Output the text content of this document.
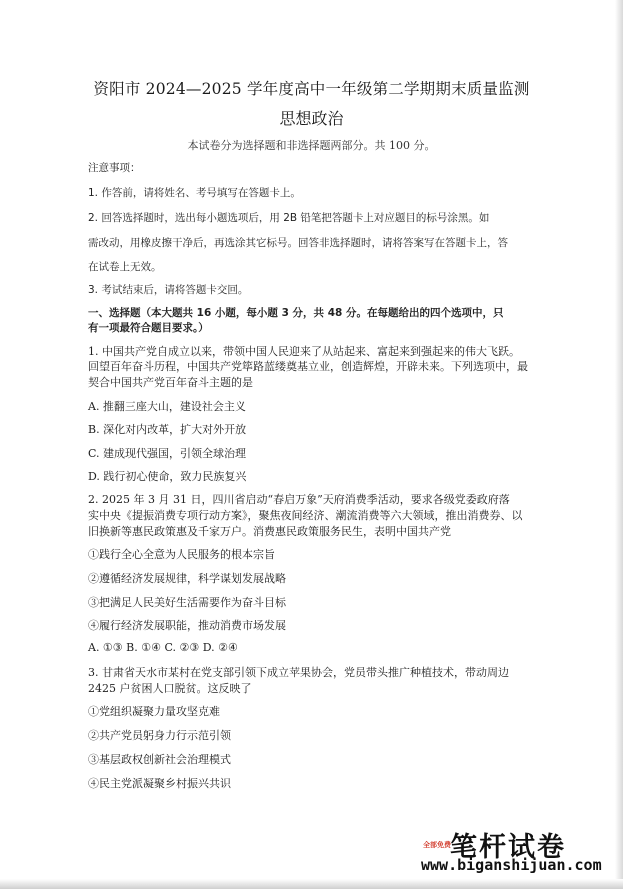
资阳市 2024—2025 学年度高中一年级第二学期期末质量监测
思想政治
本试卷分为选择题和非选择题两部分。共 100 分。
注意事项：
1. 作答前，请将姓名、考号填写在答题卡上。
2. 回答选择题时，选出每小题选项后，用 2B 铅笔把答题卡上对应题目的标号涂黑。如
需改动，用橡皮擦干净后，再选涂其它标号。回答非选择题时，请将答案写在答题卡上，答
在试卷上无效。
3. 考试结束后，请将答题卡交回。
一、选择题（本大题共 16 小题，每小题 3 分，共 48 分。在每题给出的四个选项中，只
有一项最符合题目要求。）
1. 中国共产党自成立以来，带领中国人民迎来了从站起来、富起来到强起来的伟大飞跃。
回望百年奋斗历程，中国共产党筚路蓝缕奠基立业，创造辉煌，开辟未来。下列选项中，最
契合中国共产党百年奋斗主题的是
A. 推翻三座大山，建设社会主义
B. 深化对内改革，扩大对外开放
C. 建成现代强国，引领全球治理
D. 践行初心使命，致力民族复兴
2. 2025 年 3 月 31 日，四川省启动“春启万象”天府消费季活动，要求各级党委政府落
实中央《提振消费专项行动方案》，聚焦夜间经济、潮流消费等六大领域，推出消费券、以
旧换新等惠民政策惠及千家万户。消费惠民政策服务民生，表明中国共产党
①践行全心全意为人民服务的根本宗旨
②遵循经济发展规律，科学谋划发展战略
③把满足人民美好生活需要作为奋斗目标
④履行经济发展职能，推动消费市场发展
A. ①③ B. ①④ C. ②③ D. ②④
3. 甘肃省天水市某村在党支部引领下成立苹果协会，党员带头推广种植技术，带动周边
2425 户贫困人口脱贫。这反映了
①党组织凝聚力量攻坚克难
②共产党员躬身力行示范引领
③基层政权创新社会治理模式
④民主党派凝聚乡村振兴共识
全部免费 笔杆试卷
www.biganshijuan.com
